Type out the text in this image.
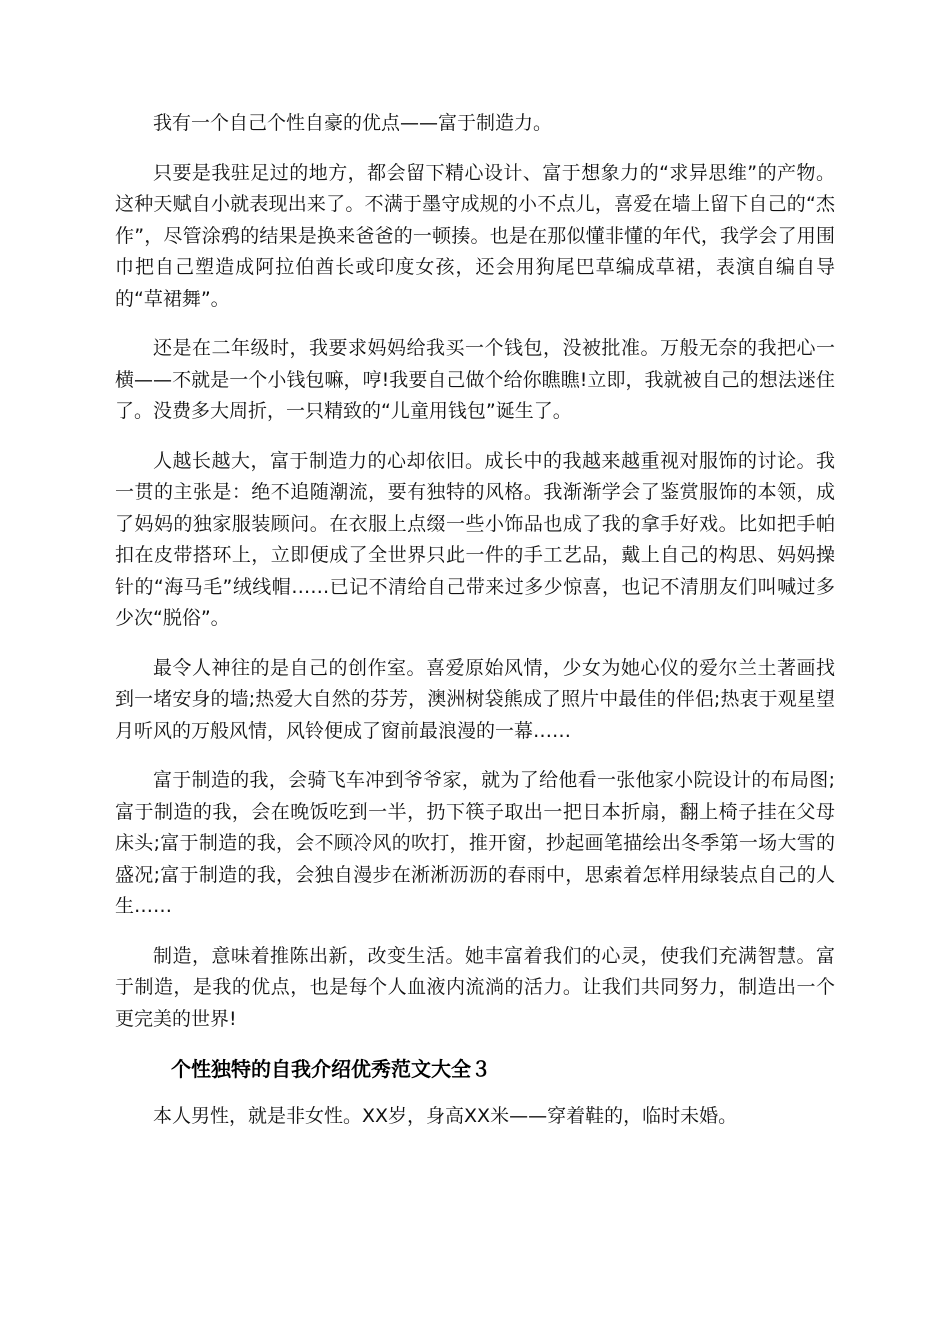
我有一个自己个性自豪的优点——富于制造力。

只要是我驻足过的地方，都会留下精心设计、富于想象力的“求异思维”的产物。这种天赋自小就表现出来了。不满于墨守成规的小不点儿，喜爱在墙上留下自己的“杰作”，尽管涂鸦的结果是换来爸爸的一顿揍。也是在那似懂非懂的年代，我学会了用围巾把自己塑造成阿拉伯酋长或印度女孩，还会用狗尾巴草编成草裙，表演自编自导的“草裙舞”。

还是在二年级时，我要求妈妈给我买一个钱包，没被批准。万般无奈的我把心一横——不就是一个小钱包嘛，哼!我要自己做个给你瞧瞧!立即，我就被自己的想法迷住了。没费多大周折，一只精致的“儿童用钱包”诞生了。

人越长越大，富于制造力的心却依旧。成长中的我越来越重视对服饰的讨论。我一贯的主张是：绝不追随潮流，要有独特的风格。我渐渐学会了鉴赏服饰的本领，成了妈妈的独家服装顾问。在衣服上点缀一些小饰品也成了我的拿手好戏。比如把手帕扣在皮带搭环上，立即便成了全世界只此一件的手工艺品，戴上自己的构思、妈妈操针的“海马毛”绒线帽……已记不清给自己带来过多少惊喜，也记不清朋友们叫喊过多少次“脱俗”。

最令人神往的是自己的创作室。喜爱原始风情，少女为她心仪的爱尔兰土著画找到一堵安身的墙;热爱大自然的芬芳，澳洲树袋熊成了照片中最佳的伴侣;热衷于观星望月听风的万般风情，风铃便成了窗前最浪漫的一幕……

富于制造的我，会骑飞车冲到爷爷家，就为了给他看一张他家小院设计的布局图;富于制造的我，会在晚饭吃到一半，扔下筷子取出一把日本折扇，翻上椅子挂在父母床头;富于制造的我，会不顾冷风的吹打，推开窗，抄起画笔描绘出冬季第一场大雪的盛况;富于制造的我，会独自漫步在淅淅沥沥的春雨中，思索着怎样用绿装点自己的人生……

制造，意味着推陈出新，改变生活。她丰富着我们的心灵，使我们充满智慧。富于制造，是我的优点，也是每个人血液内流淌的活力。让我们共同努力，制造出一个更完美的世界!

个性独特的自我介绍优秀范文大全３

本人男性，就是非女性。XX岁，身高XX米——穿着鞋的，临时未婚。
